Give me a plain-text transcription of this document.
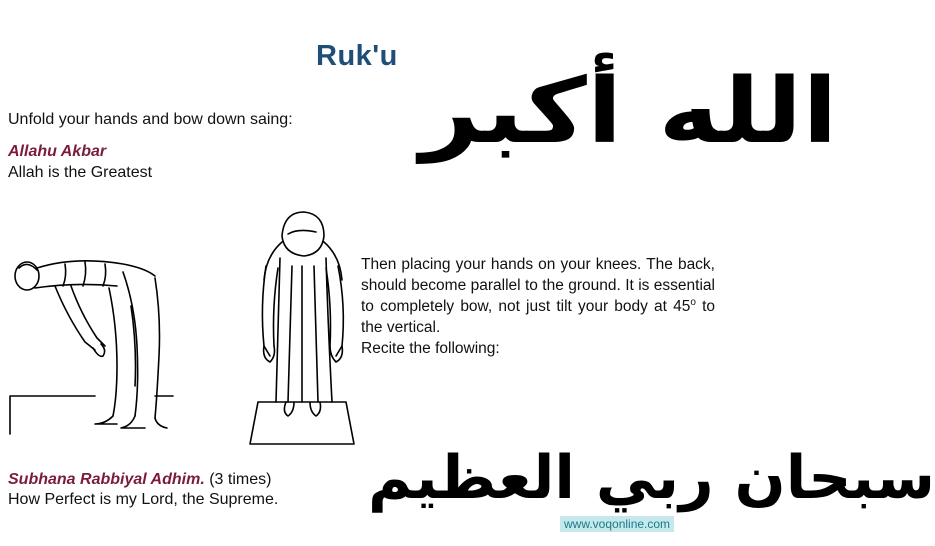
Ruk'u
الله أكبر

Unfold your hands and bow down saing:

Allahu Akbar

Allah is the Greatest

Then placing your hands on your knees. The back, should become parallel to the ground. It is essential to completely bow, not just tilt your body at 45$^o$ to the vertical.
Recite the following:
سبحان ربي العظيم

Subhana Rabbiyal Adhim. (3 times)

How Perfect is my Lord, the Supreme.

www.voqonline.com
